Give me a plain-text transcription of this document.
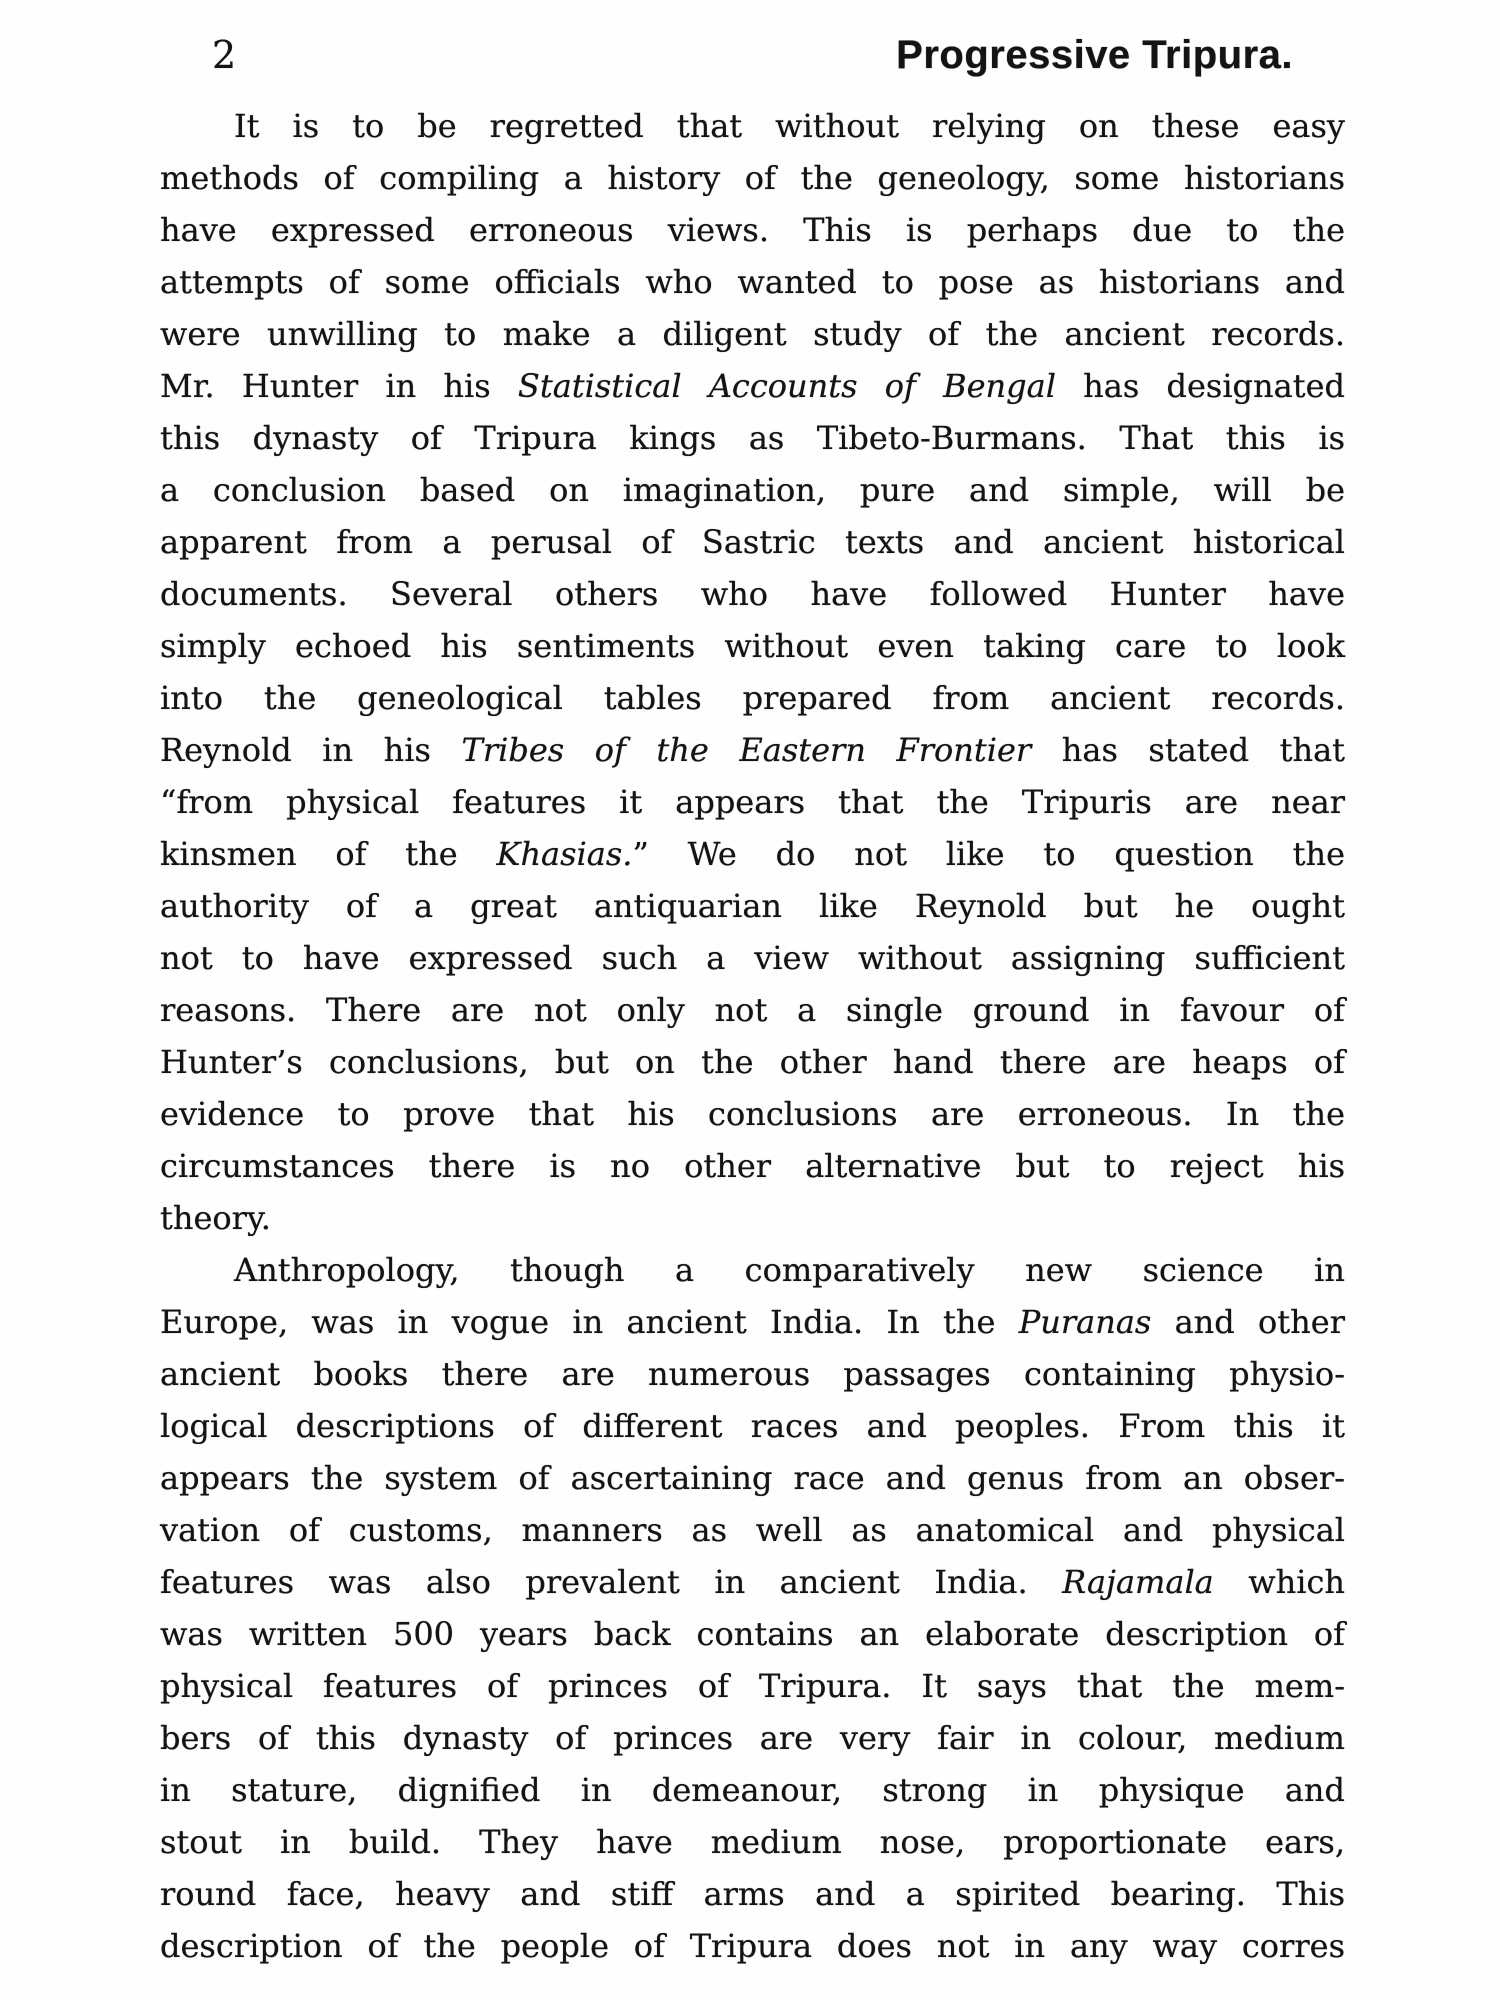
2	Progressive Tripura.
It is to be regretted that without relying on these easy
methods of compiling a history of the geneology, some historians
have expressed erroneous views. This is perhaps due to the
attempts of some officials who wanted to pose as historians and
were unwilling to make a diligent study of the ancient records.
Mr. Hunter in his Statistical Accounts of Bengal has designated
this dynasty of Tripura kings as Tibeto-Burmans. That this is
a conclusion based on imagination, pure and simple, will be
apparent from a perusal of Sastric texts and ancient historical
documents. Several others who have followed Hunter have
simply echoed his sentiments without even taking care to look
into the geneological tables prepared from ancient records.
Reynold in his Tribes of the Eastern Frontier has stated that
“from physical features it appears that the Tripuris are near
kinsmen of the Khasias.” We do not like to question the
authority of a great antiquarian like Reynold but he ought
not to have expressed such a view without assigning sufficient
reasons. There are not only not a single ground in favour of
Hunter’s conclusions, but on the other hand there are heaps of
evidence to prove that his conclusions are erroneous. In the
circumstances there is no other alternative but to reject his
theory.
Anthropology, though a comparatively new science in
Europe, was in vogue in ancient India. In the Puranas and other
ancient books there are numerous passages containing physio-
logical descriptions of different races and peoples. From this it
appears the system of ascertaining race and genus from an obser-
vation of customs, manners as well as anatomical and physical
features was also prevalent in ancient India. Rajamala which
was written 500 years back contains an elaborate description of
physical features of princes of Tripura. It says that the mem-
bers of this dynasty of princes are very fair in colour, medium
in stature, dignified in demeanour, strong in physique and
stout in build. They have medium nose, proportionate ears,
round face, heavy and stiff arms and a spirited bearing. This
description of the people of Tripura does not in any way corres
